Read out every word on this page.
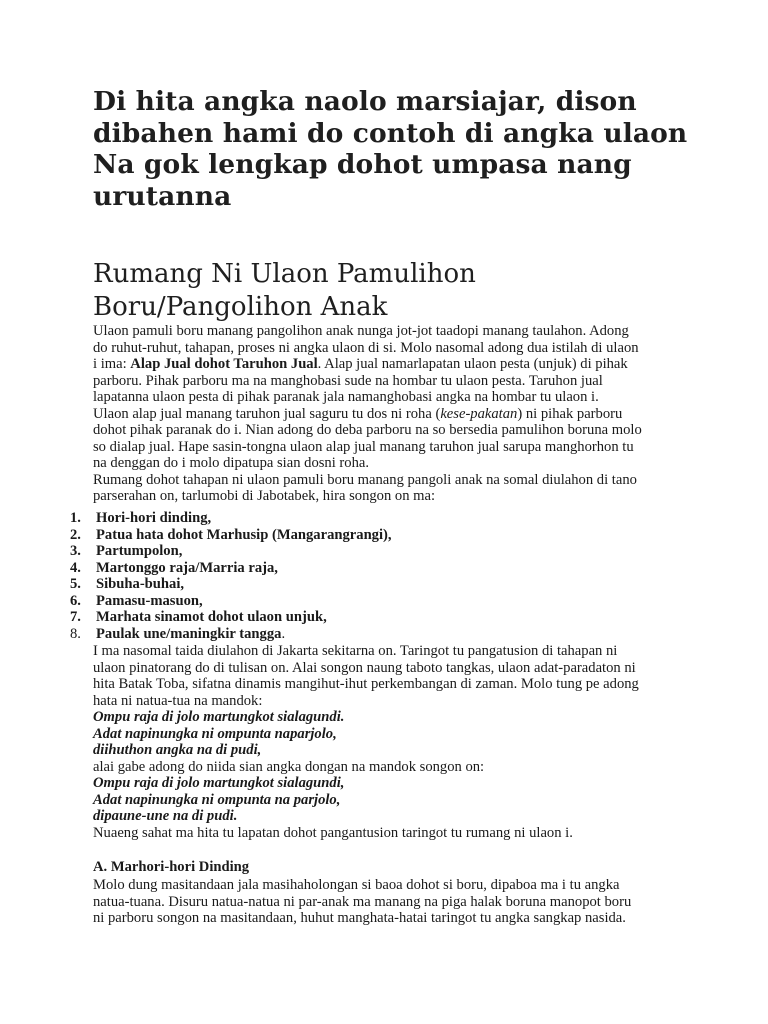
Di hita angka naolo marsiajar, dison dibahen hami do contoh di angka ulaon Na gok lengkap dohot umpasa nang urutanna
Rumang Ni Ulaon Pamulihon Boru/Pangolihon Anak

Ulaon pamuli boru manang pangolihon anak nunga jot-jot taadopi manang taulahon. Adong

do ruhut-ruhut, tahapan, proses ni angka ulaon di si. Molo nasomal adong dua istilah di ulaon

i ima: Alap Jual dohot Taruhon Jual. Alap jual namarlapatan ulaon pesta (unjuk) di pihak

parboru. Pihak parboru ma na manghobasi sude na hombar tu ulaon pesta. Taruhon jual

lapatanna ulaon pesta di pihak paranak jala namanghobasi angka na hombar tu ulaon i.

Ulaon alap jual manang taruhon jual saguru tu dos ni roha (kese-pakatan) ni pihak parboru

dohot pihak paranak do i. Nian adong do deba parboru na so bersedia pamulihon boruna molo

so dialap jual. Hape sasin-tongna ulaon alap jual manang taruhon jual sarupa manghorhon tu

na denggan do i molo dipatupa sian dosni roha.

Rumang dohot tahapan ni ulaon pamuli boru manang pangoli anak na somal diulahon di tano

parserahan on, tarlumobi di Jabotabek, hira songon on ma:

1.	Hori-hori dinding,
2.	Patua hata dohot Marhusip (Mangarangrangi),
3.	Partumpolon,
4.	Martonggo raja/Marria raja,
5.	Sibuha-buhai,
6.	Pamasu-masuon,
7.	Marhata sinamot dohot ulaon unjuk,
8.	Paulak une/maningkir tangga.

I ma nasomal taida diulahon di Jakarta sekitarna on. Taringot tu pangatusion di tahapan ni

ulaon pinatorang do di tulisan on. Alai songon naung taboto tangkas, ulaon adat-paradaton ni

hita Batak Toba, sifatna dinamis mangihut-ihut perkembangan di zaman. Molo tung pe adong

hata ni natua-tua na mandok:

Ompu raja di jolo martungkot sialagundi.

Adat napinungka ni ompunta naparjolo,

diihuthon angka na di pudi,

alai gabe adong do niida sian angka dongan na mandok songon on:

Ompu raja di jolo martungkot sialagundi,

Adat napinungka ni ompunta na parjolo,

dipaune-une na di pudi.

Nuaeng sahat ma hita tu lapatan dohot pangantusion taringot tu rumang ni ulaon i.

A. Marhori-hori Dinding

Molo dung masitandaan jala masihaholongan si baoa dohot si boru, dipaboa ma i tu angka

natua-tuana. Disuru natua-natua ni par-anak ma manang na piga halak boruna manopot boru

ni parboru songon na masitandaan, huhut manghata-hatai taringot tu angka sangkap nasida.
